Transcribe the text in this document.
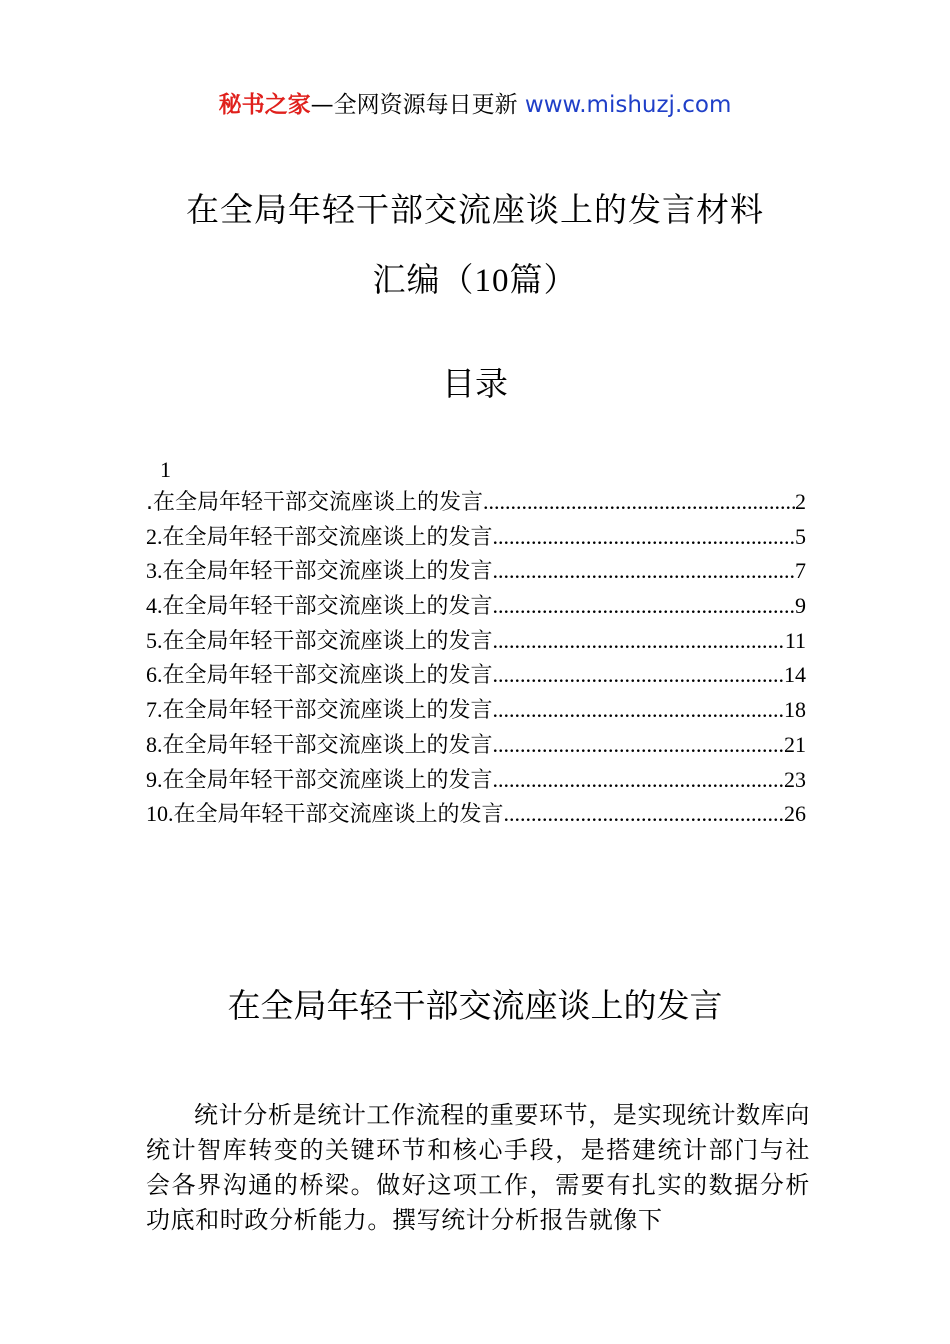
秘书之家—全网资源每日更新 www.mishuzj.com
在全局年轻干部交流座谈上的发言材料
汇编（10篇）
目录
1
.在全局年轻干部交流座谈上的发言 .....	2
2. 在全局年轻干部交流座谈上的发言 .....	5
3. 在全局年轻干部交流座谈上的发言 .....	7
4. 在全局年轻干部交流座谈上的发言 .....	9
5. 在全局年轻干部交流座谈上的发言 .....	11
6. 在全局年轻干部交流座谈上的发言 .....	14
7. 在全局年轻干部交流座谈上的发言 .....	18
8. 在全局年轻干部交流座谈上的发言 .....	21
9. 在全局年轻干部交流座谈上的发言 .....	23
10. 在全局年轻干部交流座谈上的发言 .....	26
在全局年轻干部交流座谈上的发言

统计分析是统计工作流程的重要环节，是实现统计数库向统计智库转变的关键环节和核心手段，是搭建统计部门与社会各界沟通的桥梁。做好这项工作，需要有扎实的数据分析功底和时政分析能力。撰写统计分析报告就像下
